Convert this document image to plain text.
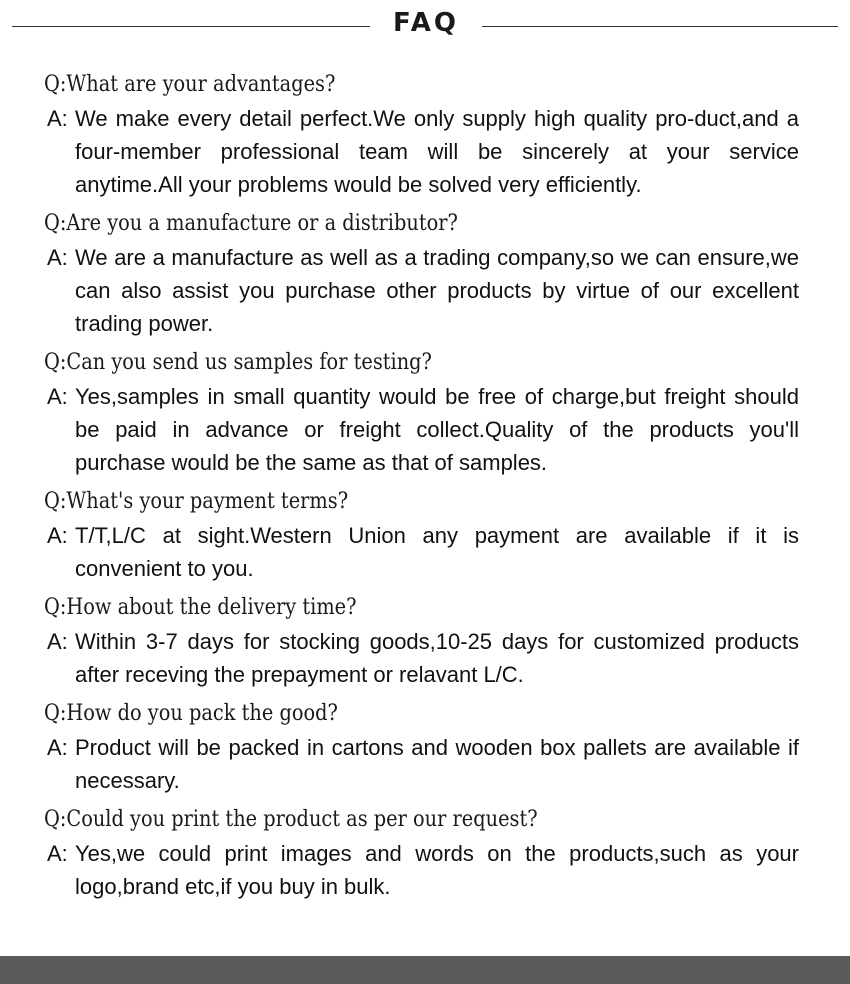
FAQ
Q:What are your advantages?
A: We make every detail perfect.We only supply high quality pro-duct,and a four-member professional team will be sincerely at your service anytime.All your problems would be solved very efficiently.
Q:Are you a manufacture or a distributor?
A: We are a manufacture as well as a trading company,so we can ensure,we can also assist you purchase other products by virtue of our excellent trading power.
Q:Can you send us samples for testing?
A: Yes,samples in small quantity would be free of charge,but freight should be paid in advance or freight collect.Quality of the products you'll purchase would be the same as that of samples.
Q:What's your payment terms?
A: T/T,L/C at sight.Western Union any payment are available if it is convenient to you.
Q:How about the delivery time?
A: Within 3-7 days for stocking goods,10-25 days for customized products after receving the prepayment or relavant L/C.
Q:How do you pack the good?
A: Product will be packed in cartons and wooden box pallets are available if necessary.
Q:Could you print the product as per our request?
A: Yes,we could print images and words on the products,such as your logo,brand etc,if you buy in bulk.
